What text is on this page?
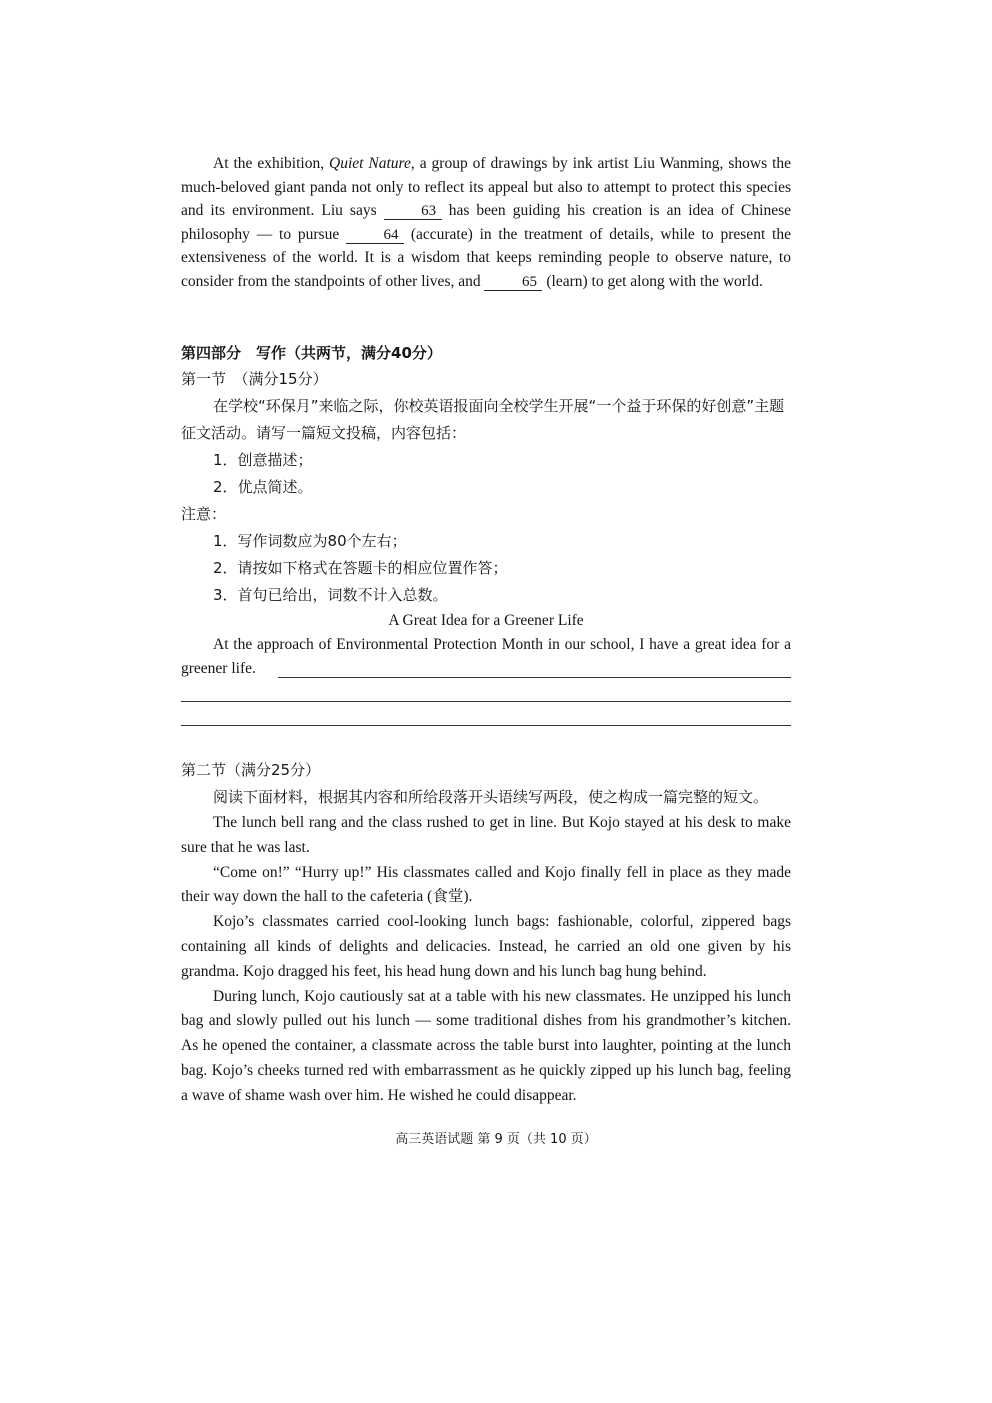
At the exhibition, Quiet Nature, a group of drawings by ink artist Liu Wanming, shows the much-beloved giant panda not only to reflect its appeal but also to attempt to protect this species and its environment. Liu says	63 has been guiding his creation is an idea of Chinese philosophy — to pursue	64 (accurate) in the treatment of details, while to present the extensiveness of the world. It is a wisdom that keeps reminding people to observe nature, to consider from the standpoints of other lives, and	65 (learn) to get along with the world.

第四部分　写作（共两节，满分40分）

第一节　（满分15分）

在学校“环保月”来临之际，你校英语报面向全校学生开展“一个益于环保的好创意”主题征文活动。请写一篇短文投稿，内容包括：

1．创意描述；

2．优点简述。

注意：

1．写作词数应为80个左右；

2．请按如下格式在答题卡的相应位置作答；

3．首句已给出，词数不计入总数。

A Great Idea for a Greener Life

At the approach of Environmental Protection Month in our school, I have a great idea for a greener life.

第二节（满分25分）

阅读下面材料，根据其内容和所给段落开头语续写两段，使之构成一篇完整的短文。

The lunch bell rang and the class rushed to get in line. But Kojo stayed at his desk to make sure that he was last.

“Come on!” “Hurry up!” His classmates called and Kojo finally fell in place as they made their way down the hall to the cafeteria (食堂).

Kojo’s classmates carried cool-looking lunch bags: fashionable, colorful, zippered bags containing all kinds of delights and delicacies. Instead, he carried an old one given by his grandma. Kojo dragged his feet, his head hung down and his lunch bag hung behind.

During lunch, Kojo cautiously sat at a table with his new classmates. He unzipped his lunch bag and slowly pulled out his lunch — some traditional dishes from his grandmother’s kitchen. As he opened the container, a classmate across the table burst into laughter, pointing at the lunch bag. Kojo’s cheeks turned red with embarrassment as he quickly zipped up his lunch bag, feeling a wave of shame wash over him. He wished he could disappear.

高三英语试题 第 9 页（共 10 页）
